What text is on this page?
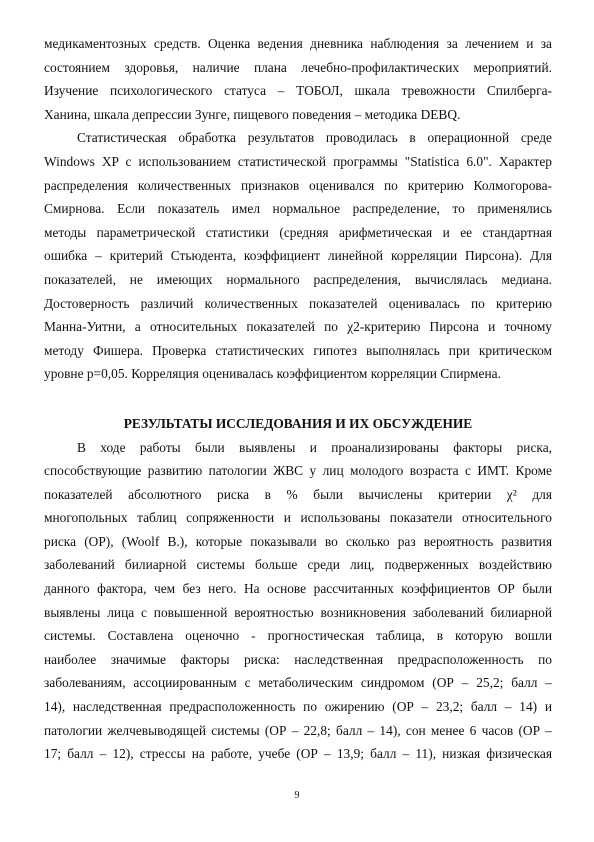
медикаментозных средств. Оценка ведения дневника наблюдения за лечением и за
состоянием здоровья, наличие плана лечебно-профилактических мероприятий.
Изучение психологического статуса – ТОБОЛ, шкала тревожности Спилберга-
Ханина, шкала депрессии Зунге, пищевого поведения – методика DEBQ.
Статистическая обработка результатов проводилась в операционной среде
Windows XP с использованием статистической программы "Statistica 6.0". Характер
распределения количественных признаков оценивался по критерию Колмогорова-
Смирнова. Если показатель имел нормальное распределение, то применялись
методы параметрической статистики (средняя арифметическая и ее стандартная
ошибка – критерий Стьюдента, коэффициент линейной корреляции Пирсона). Для
показателей, не имеющих нормального распределения, вычислялась медиана.
Достоверность различий количественных показателей оценивалась по критерию
Манна-Уитни, а относительных показателей по χ2-критерию Пирсона и точному
методу Фишера. Проверка статистических гипотез выполнялась при критическом
уровне р=0,05. Корреляция оценивалась коэффициентом корреляции Спирмена.
РЕЗУЛЬТАТЫ ИССЛЕДОВАНИЯ И ИХ ОБСУЖДЕНИЕ
В ходе работы были выявлены и проанализированы факторы риска,
способствующие развитию патологии ЖВС у лиц молодого возраста с ИМТ. Кроме
показателей абсолютного риска в % были вычислены критерии χ² для
многопольных таблиц сопряженности и использованы показатели относительного
риска (ОР), (Woolf B.), которые показывали во сколько раз вероятность развития
заболеваний билиарной системы больше среди лиц, подверженных воздействию
данного фактора, чем без него. На основе рассчитанных коэффициентов ОР были
выявлены лица с повышенной вероятностью возникновения заболеваний билиарной
системы. Составлена оценочно - прогностическая таблица, в которую вошли
наиболее значимые факторы риска: наследственная предрасположенность по
заболеваниям, ассоциированным с метаболическим синдромом (ОР – 25,2; балл –
14), наследственная предрасположенность по ожирению (ОР – 23,2; балл – 14) и
патологии желчевыводящей системы (ОР – 22,8; балл – 14), сон менее 6 часов (ОР –
17; балл – 12), стрессы на работе, учебе (ОР – 13,9; балл – 11), низкая физическая
9
